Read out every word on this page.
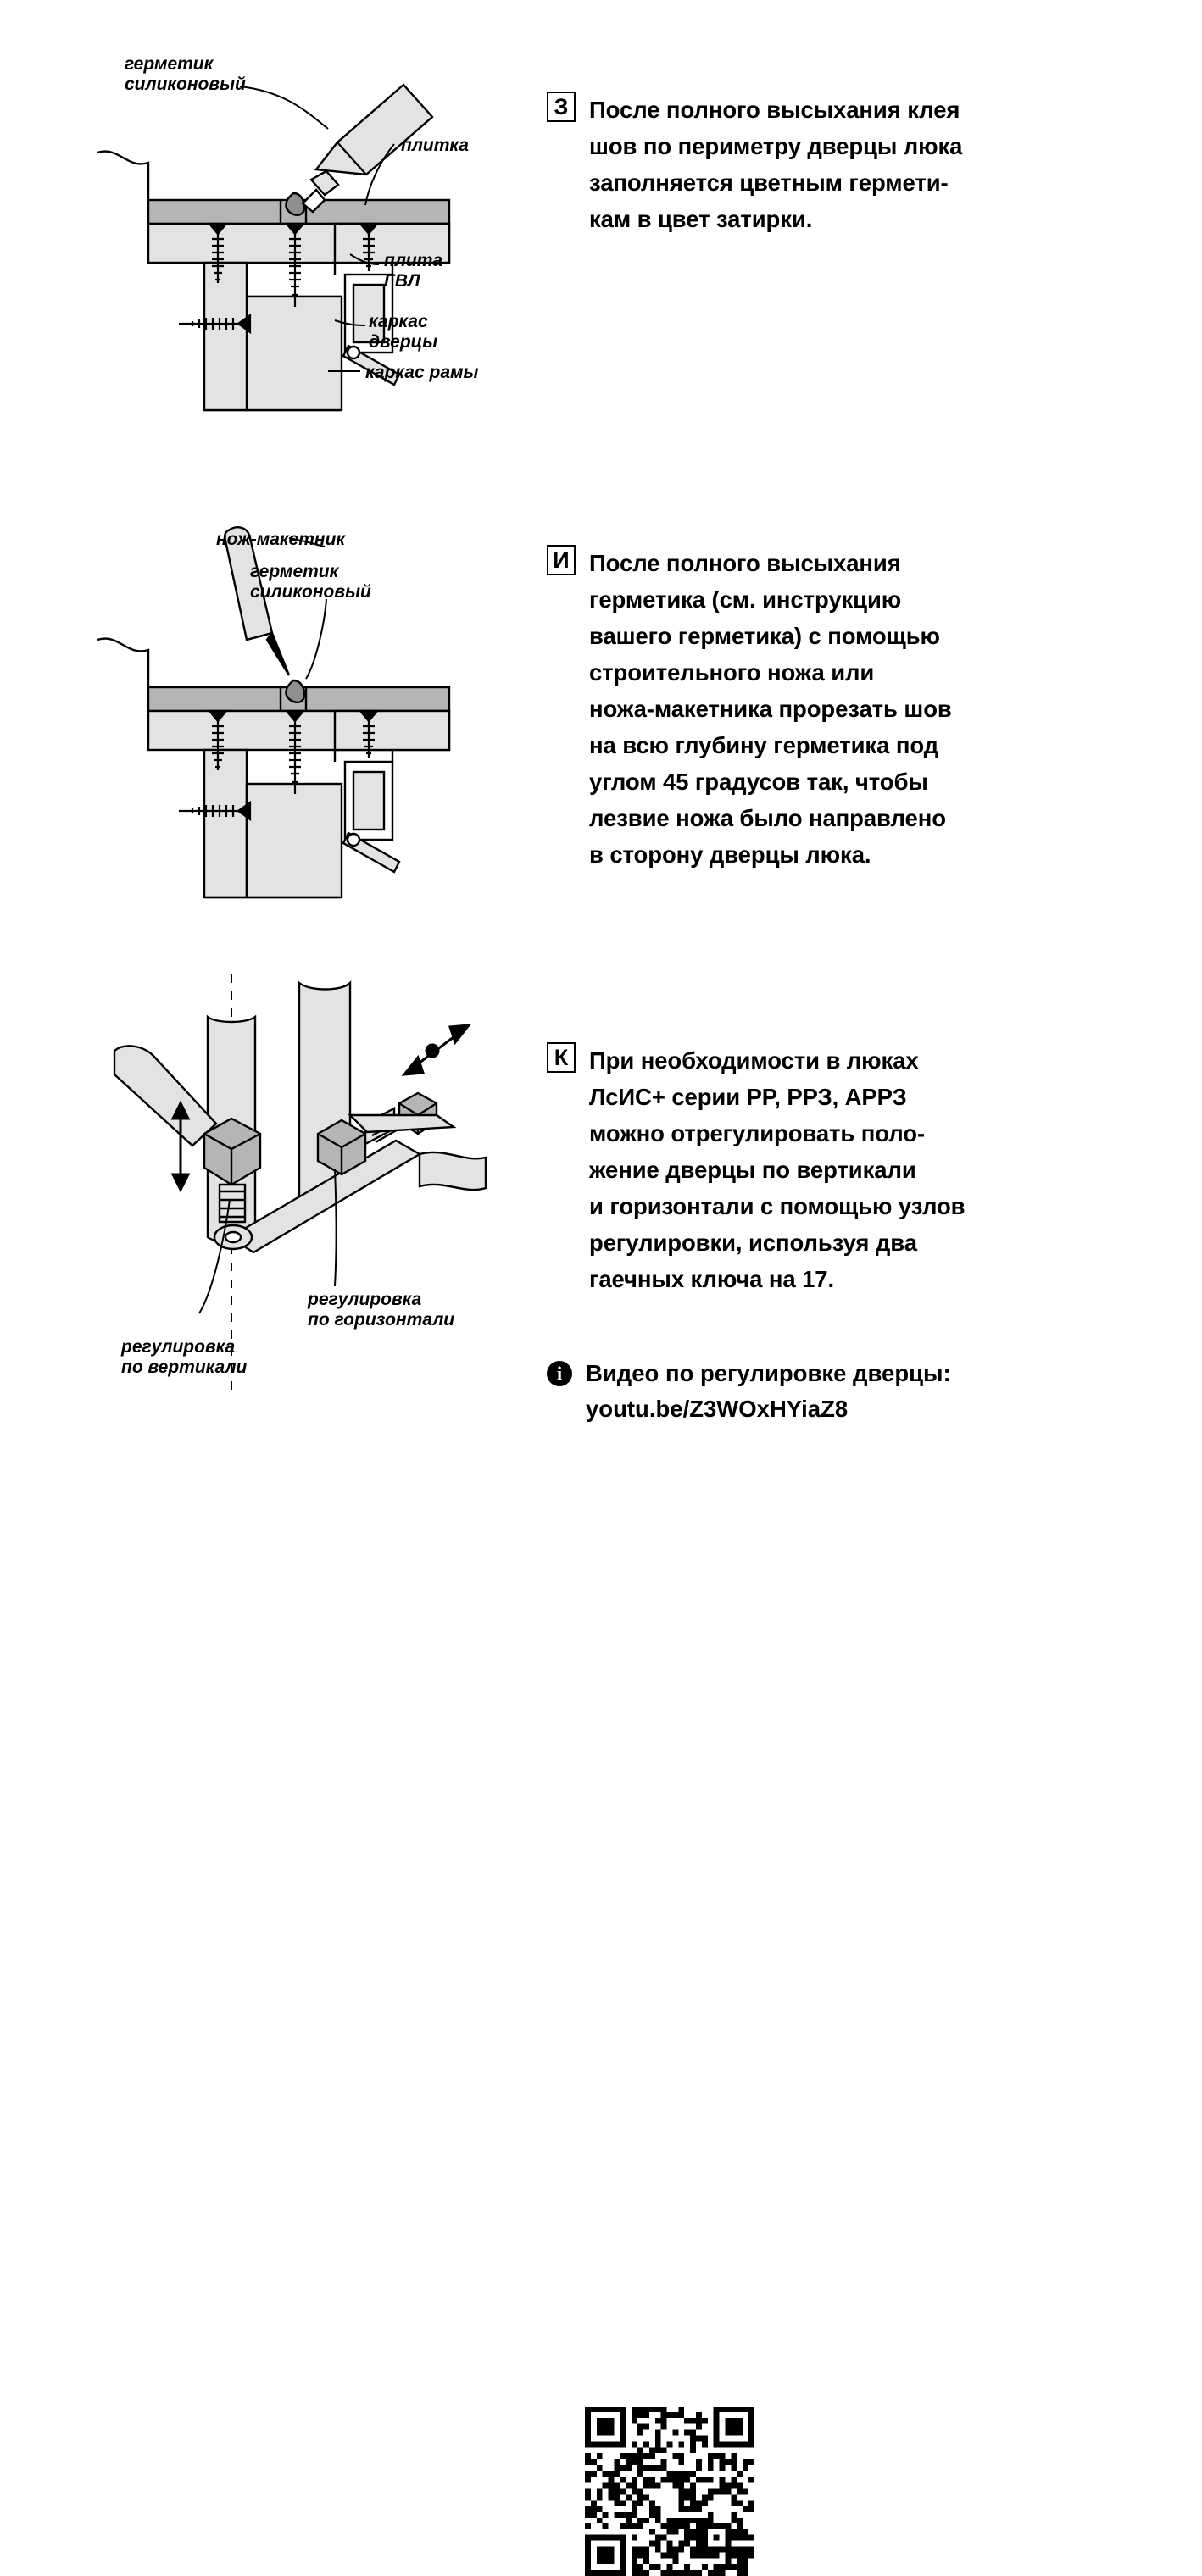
герметик
силиконовый
плитка
плита
ГВЛ
каркас
дверцы
каркас рамы
З После полного высыхания клея
шов по периметру дверцы люка
заполняется цветным гермети-
кам в цвет затирки.
нож-макетник
герметик
силиконовый
И После полного высыхания
герметика (см. инструкцию
вашего герметика) с помощью
строительного ножа или
ножа-макетника прорезать шов
на всю глубину герметика под
углом 45 градусов так, чтобы
лезвие ножа было направлено
в сторону дверцы люка.
регулировка
по горизонтали
регулировка
по вертикали
К При необходимости в люках
ЛсИС+ серии РР, РРЗ, АРРЗ
можно отрегулировать поло-
жение дверцы по вертикали
и горизонтали с помощью узлов
регулировки, используя два
гаечных ключа на 17.
i	Видео по регулировке дверцы:
youtu.be/Z3WOxHYiaZ8
